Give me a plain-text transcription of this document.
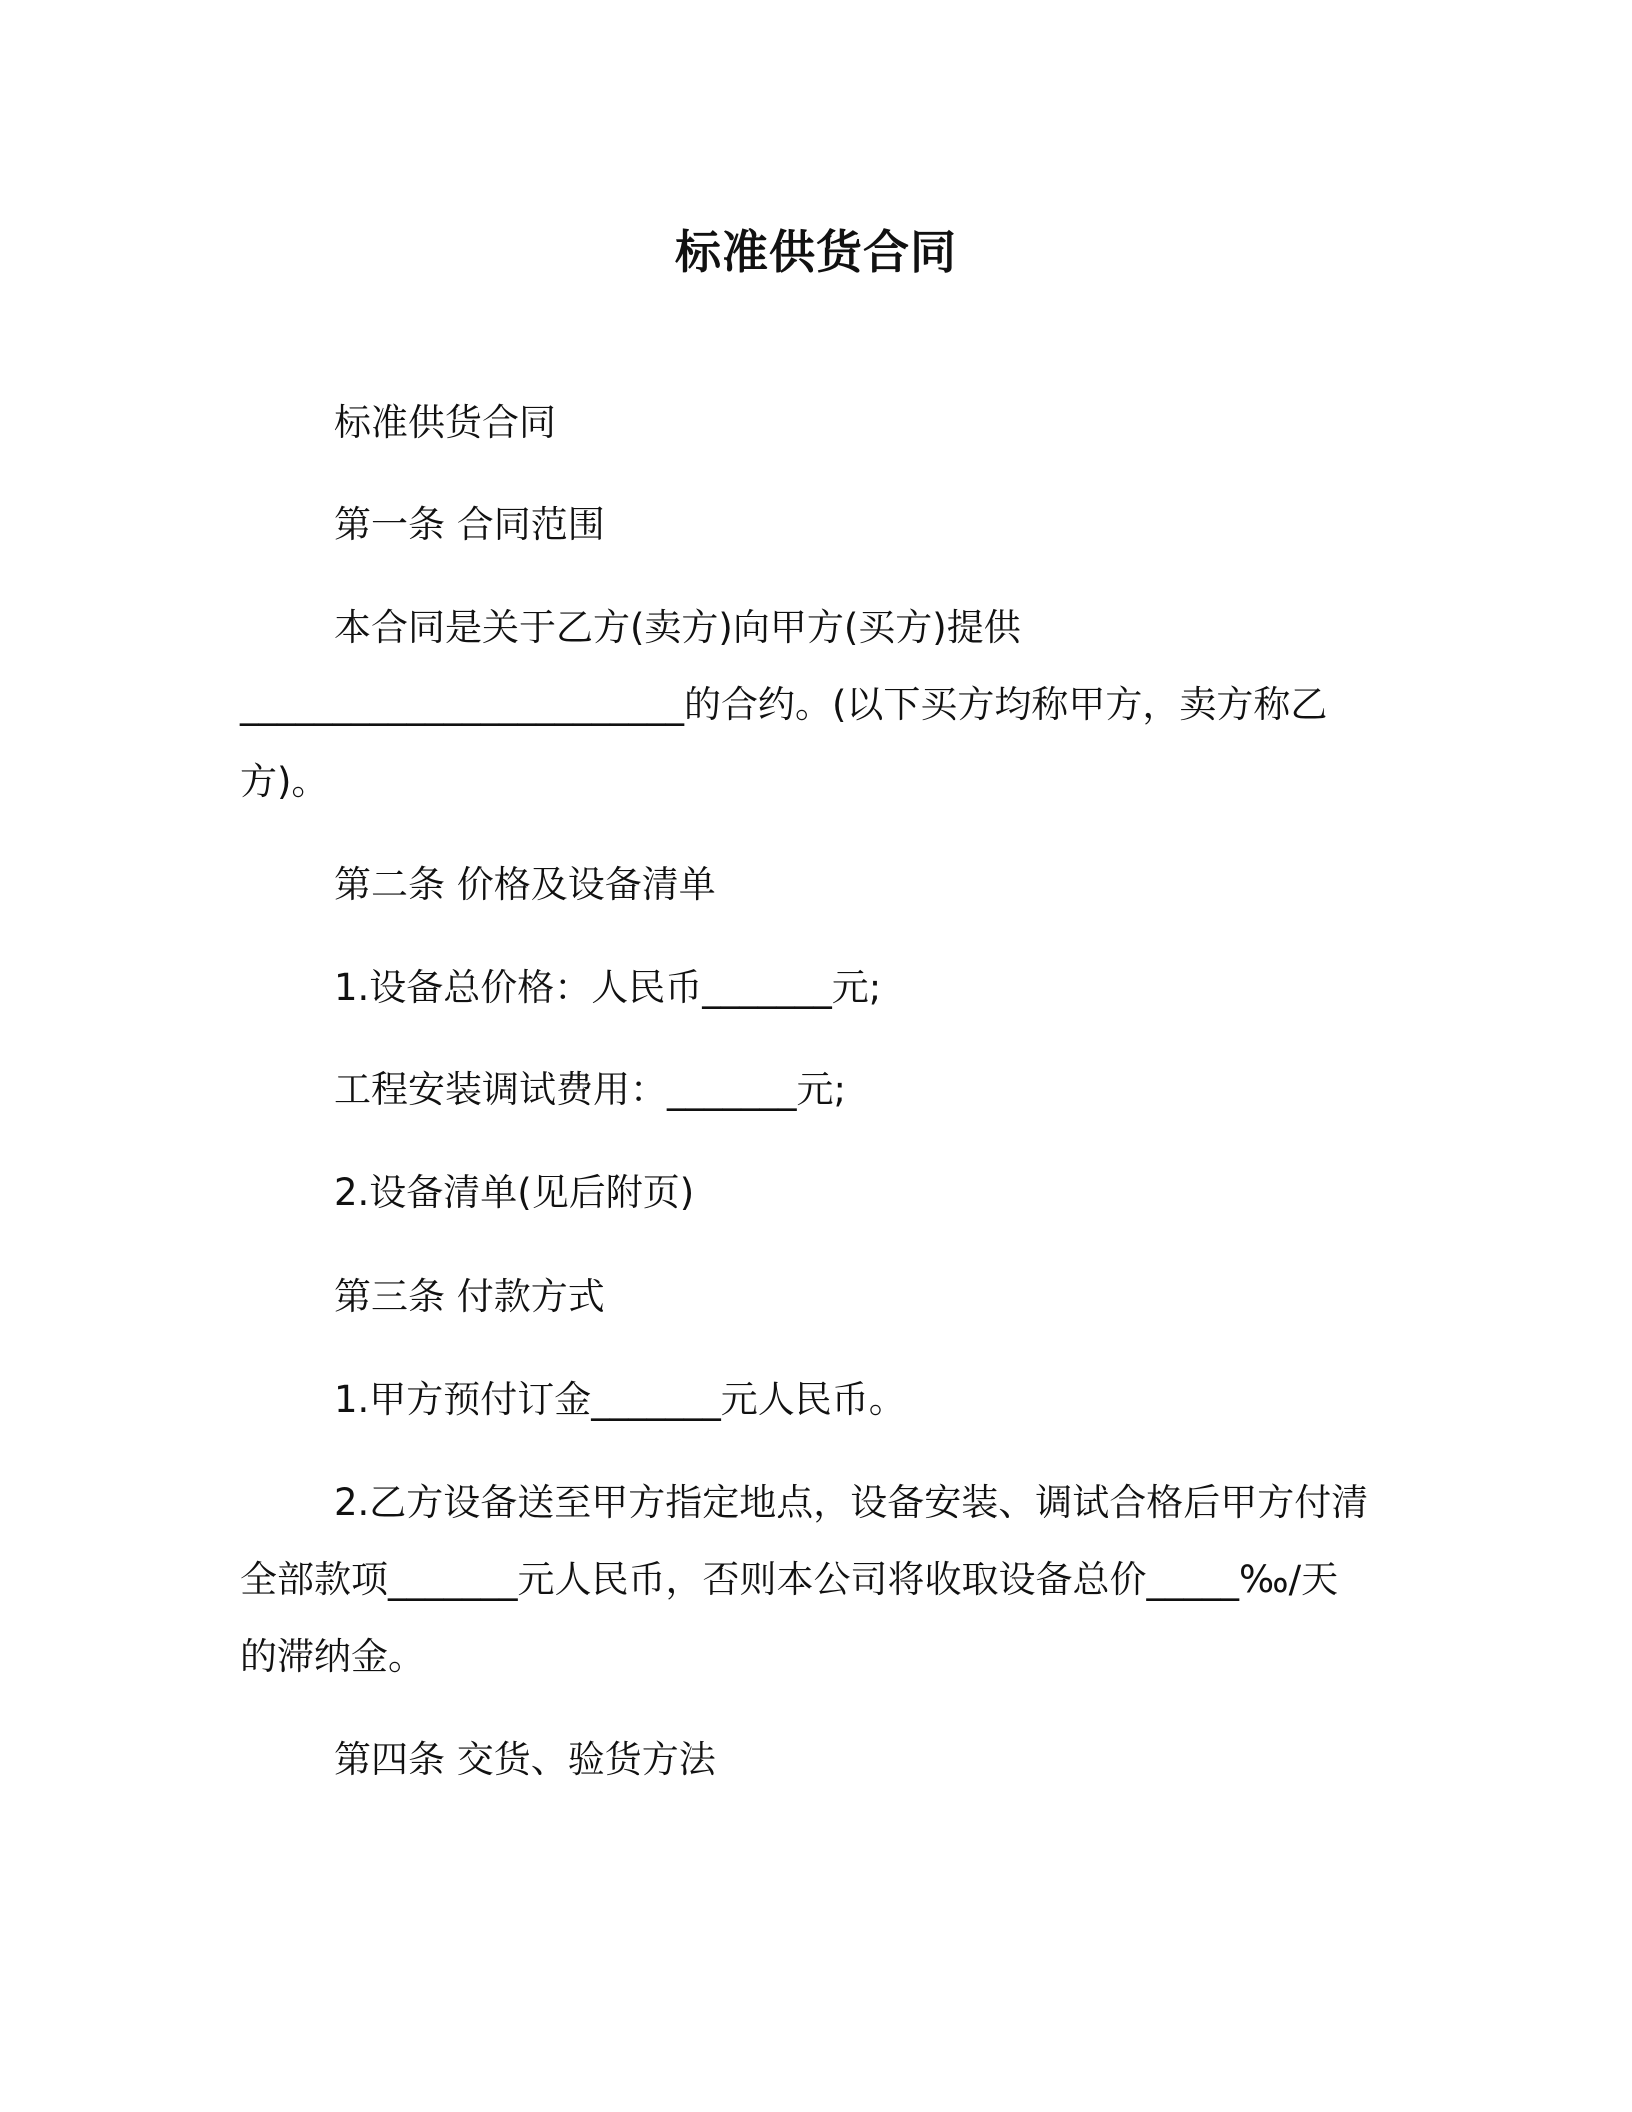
标准供货合同
标准供货合同
第一条 合同范围
本合同是关于乙方(卖方)向甲方(买方)提供
________________________的合约。(以下买方均称甲方，卖方称乙
方)。
第二条 价格及设备清单
1.设备总价格：人民币_______元;
工程安装调试费用：_______元;
2.设备清单(见后附页)
第三条 付款方式
1.甲方预付订金_______元人民币。
2.乙方设备送至甲方指定地点，设备安装、调试合格后甲方付清
全部款项_______元人民币，否则本公司将收取设备总价_____‰/天
的滞纳金。
第四条 交货、验货方法
